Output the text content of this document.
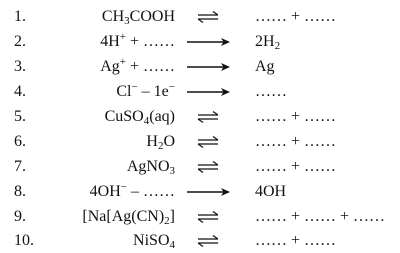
1.	$CH_3COOH$	…… + ……
2.	4H+ + ……	$2H_2$
3.	Ag+ + ……	Ag
4.	Cl− – 1e−	……
5.	CuSO$_4$(aq)	…… + ……
6.	$H_2O$	…… + ……
7.	AgNO$_3$	…… + ……
8.	4OH− – ……	4OH
9.	[$Na[Ag(CN)_2]$	…… + …… + ……
10.	NiSO$_4$	…… + ……
